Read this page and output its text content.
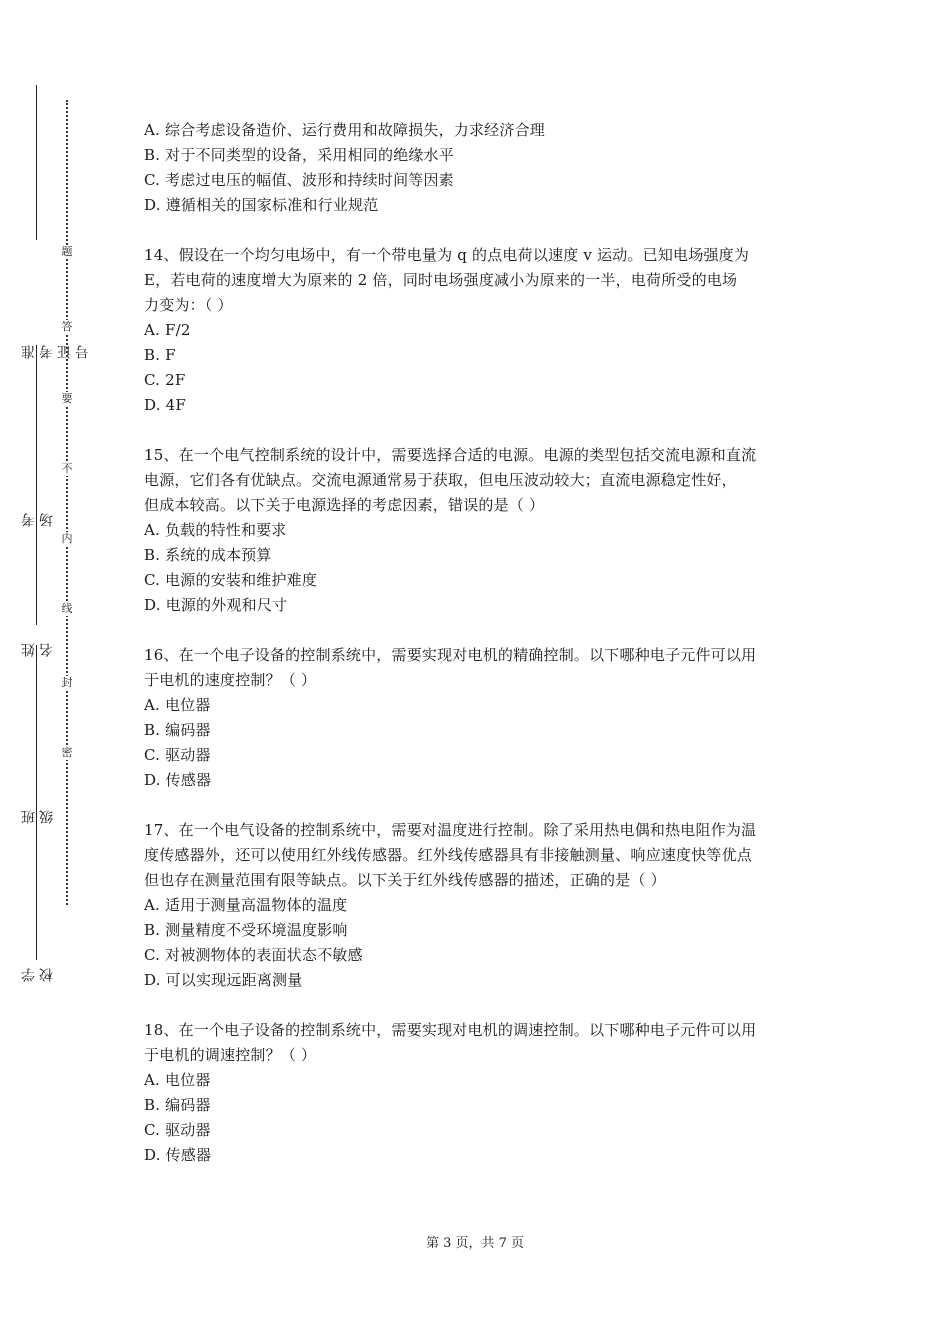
准考证号
考场
姓名
班级
学校
题
答
要
不
内
线
封
密
A. 综合考虑设备造价、运行费用和故障损失，力求经济合理
B. 对于不同类型的设备，采用相同的绝缘水平
C. 考虑过电压的幅值、波形和持续时间等因素
D. 遵循相关的国家标准和行业规范
14、假设在一个均匀电场中，有一个带电量为 q 的点电荷以速度 v 运动。已知电场强度为
E，若电荷的速度增大为原来的 2 倍，同时电场强度减小为原来的一半，电荷所受的电场
力变为：（ ）
A. F/2
B. F
C. 2F
D. 4F
15、在一个电气控制系统的设计中，需要选择合适的电源。电源的类型包括交流电源和直流
电源，它们各有优缺点。交流电源通常易于获取，但电压波动较大；直流电源稳定性好，
但成本较高。以下关于电源选择的考虑因素，错误的是（ ）
A. 负载的特性和要求
B. 系统的成本预算
C. 电源的安装和维护难度
D. 电源的外观和尺寸
16、在一个电子设备的控制系统中，需要实现对电机的精确控制。以下哪种电子元件可以用
于电机的速度控制？（ ）
A. 电位器
B. 编码器
C. 驱动器
D. 传感器
17、在一个电气设备的控制系统中，需要对温度进行控制。除了采用热电偶和热电阻作为温
度传感器外，还可以使用红外线传感器。红外线传感器具有非接触测量、响应速度快等优点
但也存在测量范围有限等缺点。以下关于红外线传感器的描述，正确的是（ ）
A. 适用于测量高温物体的温度
B. 测量精度不受环境温度影响
C. 对被测物体的表面状态不敏感
D. 可以实现远距离测量
18、在一个电子设备的控制系统中，需要实现对电机的调速控制。以下哪种电子元件可以用
于电机的调速控制？（ ）
A. 电位器
B. 编码器
C. 驱动器
D. 传感器
第 3 页，共 7 页
